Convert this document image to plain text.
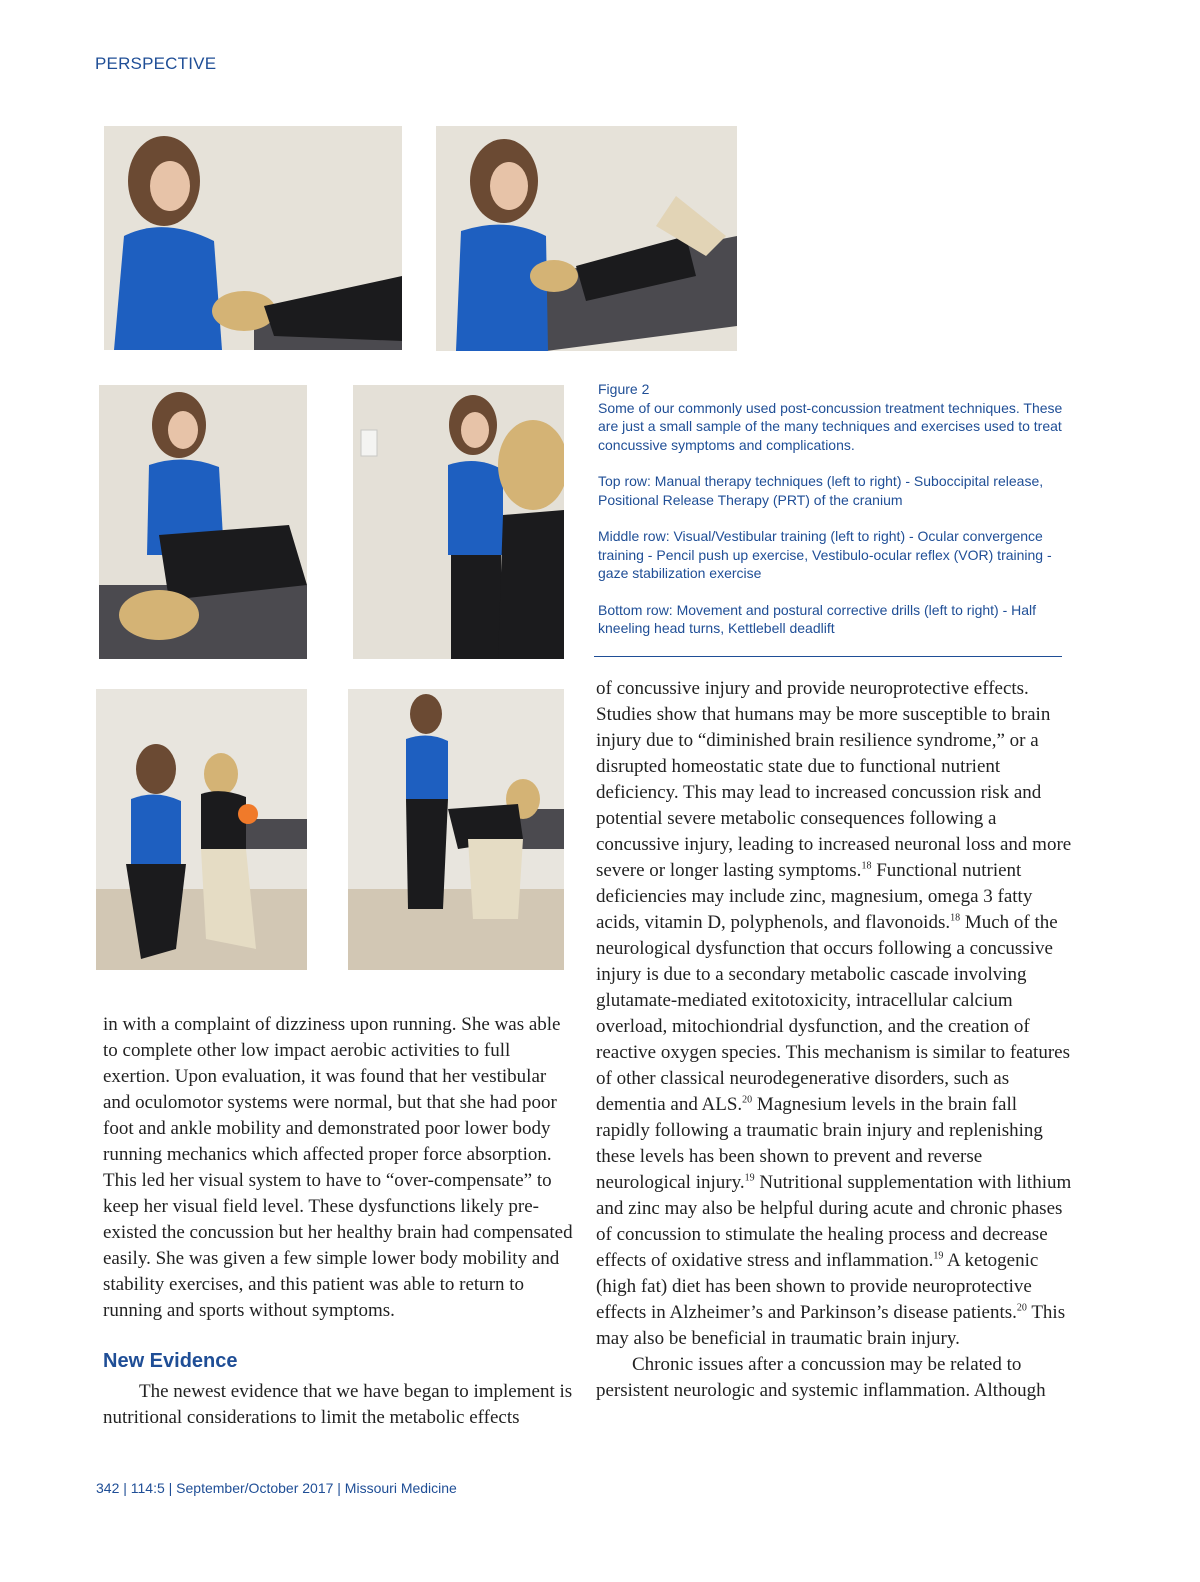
PERSPECTIVE

Figure 2

Some of our commonly used post-concussion treatment techniques. These are just a small sample of the many techniques and exercises used to treat concussive symptoms and complications.

Top row: Manual therapy techniques (left to right) - Suboccipital release, Positional Release Therapy (PRT) of the cranium

Middle row: Visual/Vestibular training (left to right) - Ocular convergence training - Pencil push up exercise, Vestibulo-ocular reflex (VOR) training - gaze stabilization exercise

Bottom row: Movement and postural corrective drills (left to right) - Half kneeling head turns, Kettlebell deadlift

of concussive injury and provide neuroprotective effects. Studies show that humans may be more susceptible to brain injury due to “diminished brain resilience syndrome,” or a disrupted homeostatic state due to functional nutrient deficiency. This may lead to increased concussion risk and potential severe metabolic consequences following a concussive injury, leading to increased neuronal loss and more severe or longer lasting symptoms.$^{18}$ Functional nutrient deficiencies may include zinc, magnesium, omega 3 fatty acids, vitamin D, polyphenols, and flavonoids.$^{18}$ Much of the neurological dysfunction that occurs following a concussive injury is due to a secondary metabolic cascade involving glutamate-mediated exitotoxicity, intracellular calcium overload, mitochiondrial dysfunction, and the creation of reactive oxygen species. This mechanism is similar to features of other classical neurodegenerative disorders, such as dementia and ALS.$^{20}$ Magnesium levels in the brain fall rapidly following a traumatic brain injury and replenishing these levels has been shown to prevent and reverse neurological injury.$^{19}$ Nutritional supplementation with lithium and zinc may also be helpful during acute and chronic phases of concussion to stimulate the healing process and decrease effects of oxidative stress and inflammation.$^{19}$ A ketogenic (high fat) diet has been shown to provide neuroprotective effects in Alzheimer’s and Parkinson’s disease patients.$^{20}$ This may also be beneficial in traumatic brain injury.

Chronic issues after a concussion may be related to persistent neurologic and systemic inflammation. Although

in with a complaint of dizziness upon running. She was able to complete other low impact aerobic activities to full exertion. Upon evaluation, it was found that her vestibular and oculomotor systems were normal, but that she had poor foot and ankle mobility and demonstrated poor lower body running mechanics which affected proper force absorption. This led her visual system to have to “over-compensate” to keep her visual field level. These dysfunctions likely pre-existed the concussion but her healthy brain had compensated easily. She was given a few simple lower body mobility and stability exercises, and this patient was able to return to running and sports without symptoms.

New Evidence

The newest evidence that we have began to implement is nutritional considerations to limit the metabolic effects

342 | 114:5 | September/October 2017 | Missouri Medicine
